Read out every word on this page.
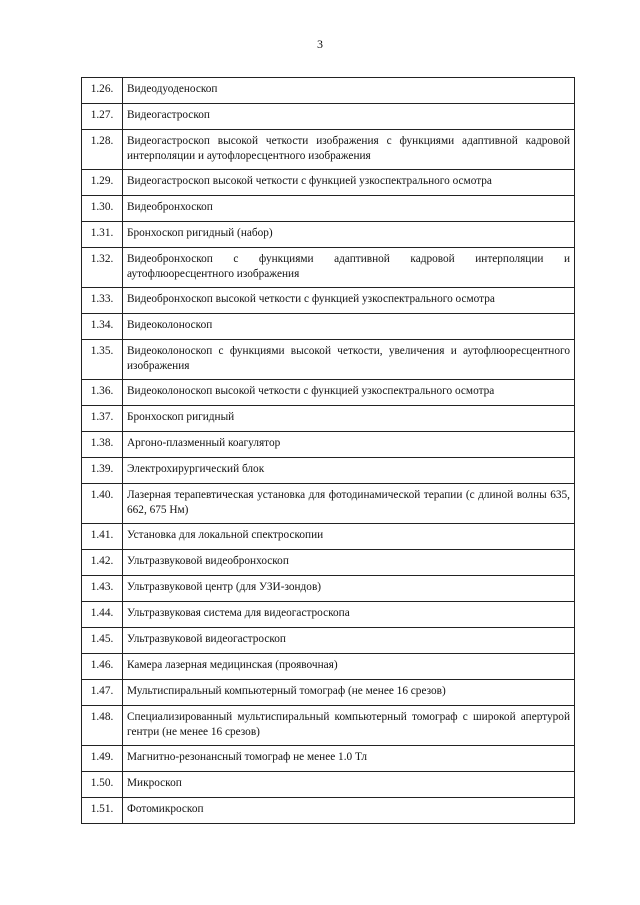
3
1.26.	Видеодуоденоскоп
1.27.	Видеогастроскоп
1.28.	Видеогастроскоп высокой четкости изображения с функциями адаптивной кадровой интерполяции и аутофлоресцентного изображения
1.29.	Видеогастроскоп высокой четкости с функцией узкоспектрального осмотра
1.30.	Видеобронхоскоп
1.31.	Бронхоскоп ригидный (набор)
1.32.	Видеобронхоскоп с функциями адаптивной кадровой интерполяции и аутофлюоресцентного изображения
1.33.	Видеобронхоскоп высокой четкости с функцией узкоспектрального осмотра
1.34.	Видеоколоноскоп
1.35.	Видеоколоноскоп с функциями высокой четкости, увеличения и аутофлюоресцентного изображения
1.36.	Видеоколоноскоп высокой четкости с функцией узкоспектрального осмотра
1.37.	Бронхоскоп ригидный
1.38.	Аргоно-плазменный коагулятор
1.39.	Электрохирургический блок
1.40.	Лазерная терапевтическая установка для фотодинамической терапии (с длиной волны 635, 662, 675 Нм)
1.41.	Установка для локальной спектроскопии
1.42.	Ультразвуковой видеобронхоскоп
1.43.	Ультразвуковой центр (для УЗИ-зондов)
1.44.	Ультразвуковая система для видеогастроскопа
1.45.	Ультразвуковой видеогастроскоп
1.46.	Камера лазерная медицинская (проявочная)
1.47.	Мультиспиральный компьютерный томограф (не менее 16 срезов)
1.48.	Специализированный мультиспиральный компьютерный томограф с широкой апертурой гентри (не менее 16 срезов)
1.49.	Магнитно-резонансный томограф не менее 1.0 Тл
1.50.	Микроскоп
1.51.	Фотомикроскоп
